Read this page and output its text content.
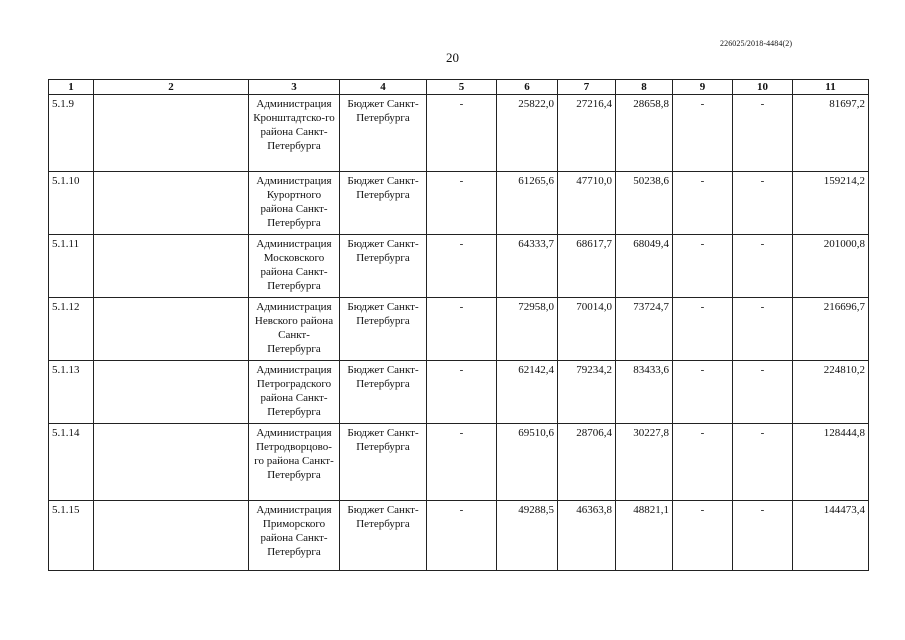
226025/2018-4484(2)
20
1	2	3	4	5	6	7	8	9	10	11
5.1.9		Администрация Кронштадтско-го района Санкт-Петербурга	Бюджет Санкт-Петербурга	-	25822,0	27216,4	28658,8	-	-	81697,2
5.1.10		Администрация Курортного района Санкт-Петербурга	Бюджет Санкт-Петербурга	-	61265,6	47710,0	50238,6	-	-	159214,2
5.1.11		Администрация Московского района Санкт-Петербурга	Бюджет Санкт-Петербурга	-	64333,7	68617,7	68049,4	-	-	201000,8
5.1.12		Администрация Невского района Санкт-Петербурга	Бюджет Санкт-Петербурга	-	72958,0	70014,0	73724,7	-	-	216696,7
5.1.13		Администрация Петроградского района Санкт-Петербурга	Бюджет Санкт-Петербурга	-	62142,4	79234,2	83433,6	-	-	224810,2
5.1.14		Администрация Петродворцово-го района Санкт-Петербурга	Бюджет Санкт-Петербурга	-	69510,6	28706,4	30227,8	-	-	128444,8
5.1.15		Администрация Приморского района Санкт-Петербурга	Бюджет Санкт-Петербурга	-	49288,5	46363,8	48821,1	-	-	144473,4
